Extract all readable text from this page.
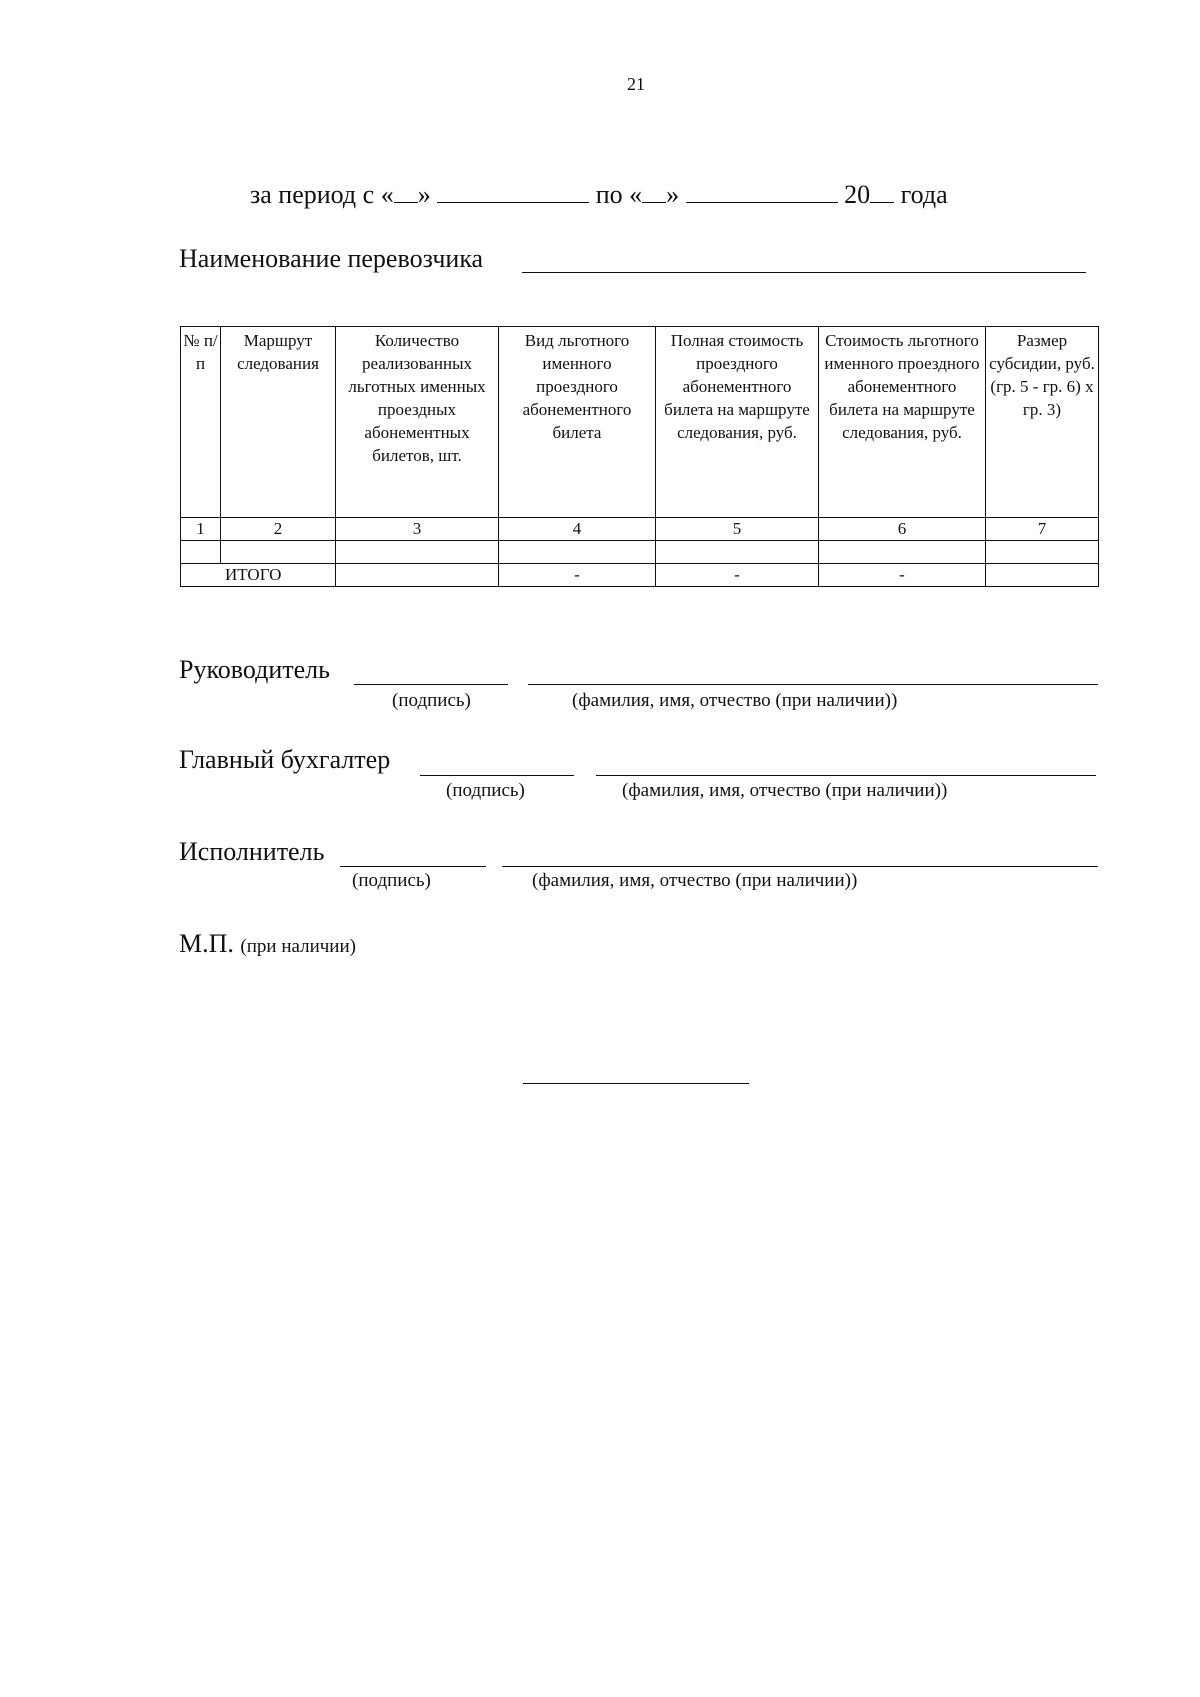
21
за период с « »	по « »	20 года
Наименование перевозчика
№ п/п	Маршрут следования	Количество реализованных льготных именных проездных абонементных билетов, шт.	Вид льготного именного проездного абонементного билета	Полная стоимость проездного абонементного билета на маршруте следования, руб.	Стоимость льготного именного проездного абонементного билета на маршруте следования, руб.	Размер субсидии, руб. (гр. 5 - гр. 6) х гр. 3)
1	2	3	4	5	6	7

ИТОГО			-	-	-	
Руководитель
(подпись)	(фамилия, имя, отчество (при наличии))
Главный бухгалтер
(подпись)	(фамилия, имя, отчество (при наличии))
Исполнитель
(подпись)	(фамилия, имя, отчество (при наличии))
М.П. (при наличии)
